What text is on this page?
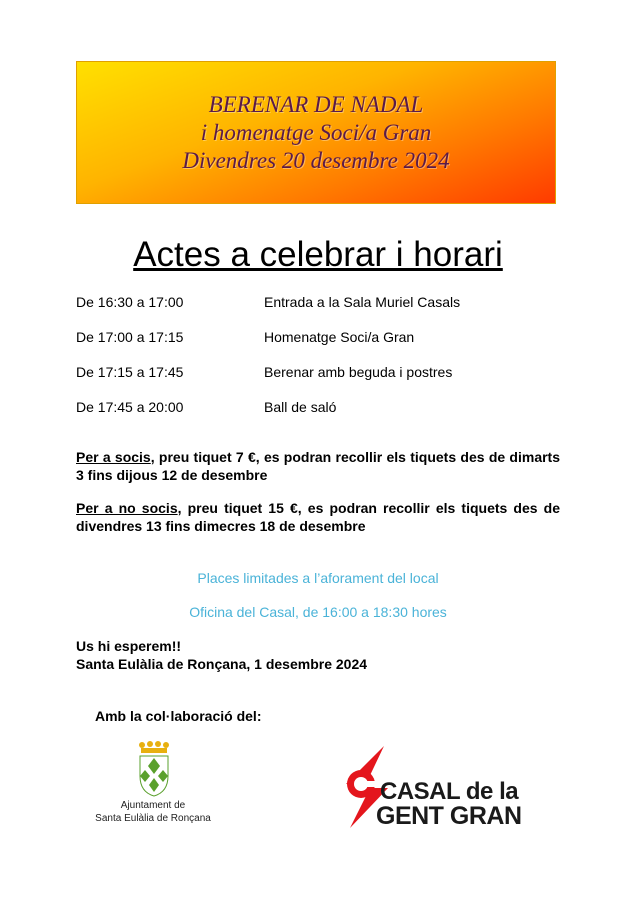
BERENAR DE NADAL
i homenatge Soci/a Gran
Divendres 20 desembre 2024
Actes a celebrar i horari
De 16:30 a 17:00	Entrada a la Sala Muriel Casals
De 17:00 a 17:15	Homenatge Soci/a Gran
De 17:15 a 17:45	Berenar amb beguda i postres
De 17:45 a 20:00	Ball de saló
Per a socis, preu tiquet 7 €, es podran recollir els tiquets des de dimarts 3 fins dijous 12 de desembre
Per a no socis, preu tiquet 15 €, es podran recollir els tiquets des de divendres 13 fins dimecres 18 de desembre
Places limitades a l’aforament del local
Oficina del Casal, de 16:00 a 18:30 hores
Us hi esperem!!
Santa Eulàlia de Ronçana, 1 desembre 2024
Amb la col·laboració del:
Ajuntament de
Santa Eulàlia de Ronçana
CASAL de la
GENT GRAN
